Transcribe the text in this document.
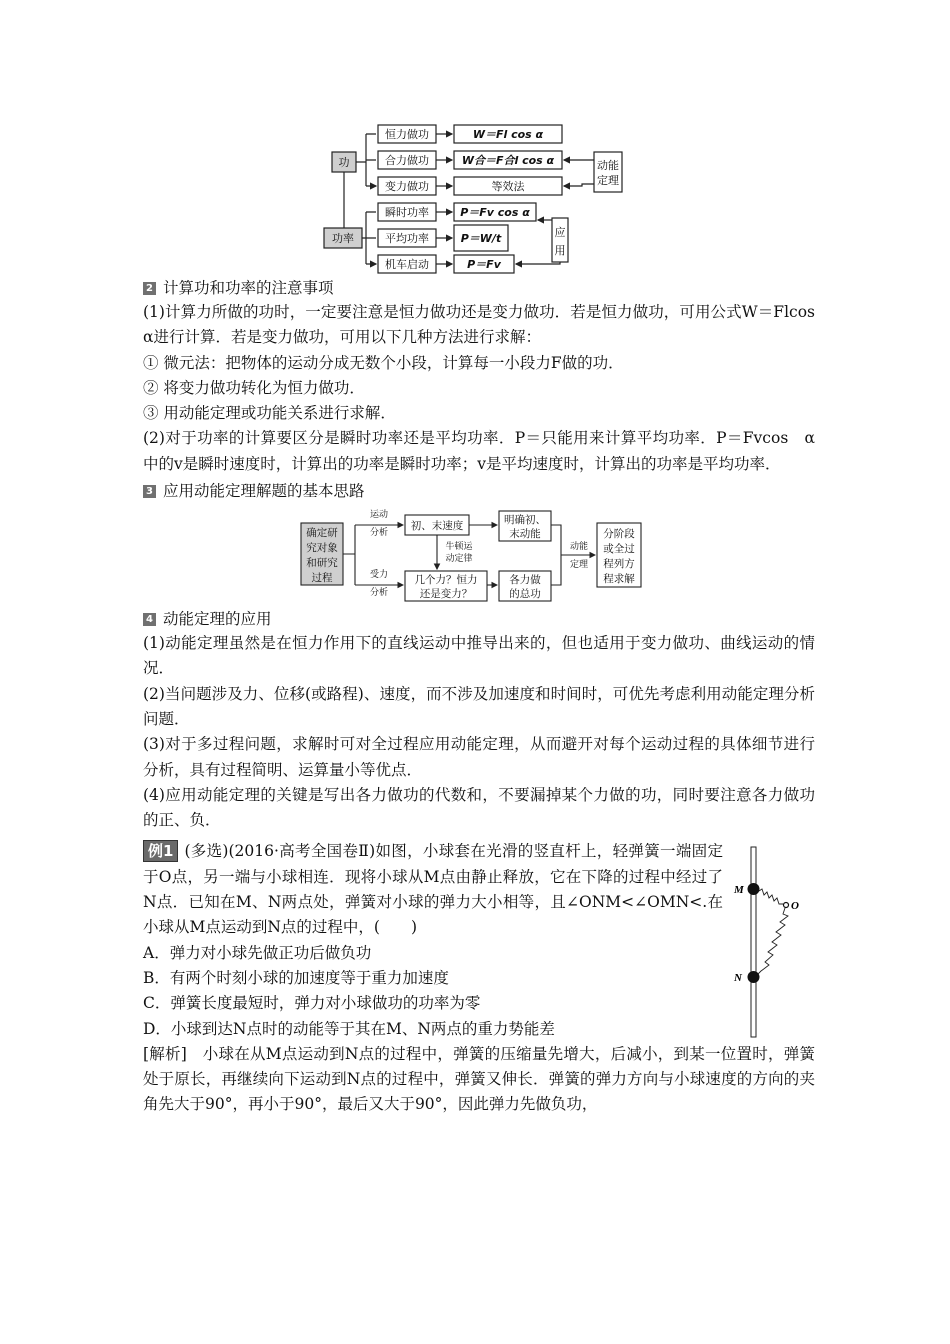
功
功率
恒力做功
合力做功
变力做功
瞬时功率
平均功率
机车启动
W＝Fl cos α
W合＝F合l cos α
等效法
P＝Fv cos α
P＝W/t
P＝Fv
动能
定理
应
用
2 计算功和功率的注意事项
(1)计算力所做的功时，一定要注意是恒力做功还是变力做功．若是恒力做功，可用公式W＝Flcos　α进行计算．若是变力做功，可用以下几种方法进行求解：
① 微元法：把物体的运动分成无数个小段，计算每一小段力F做的功．
② 将变力做功转化为恒力做功．
③ 用动能定理或功能关系进行求解．
(2)对于功率的计算要区分是瞬时功率还是平均功率．P＝只能用来计算平均功率．P＝Fvcos　α中的v是瞬时速度时，计算出的功率是瞬时功率；v是平均速度时，计算出的功率是平均功率．
3 应用动能定理解题的基本思路
确定研
究对象
和研究
过程
运动
分析
受力
分析
初、末速度	明确初、
末动能
牛顿运
动定律
几个力？恒力
还是变力？
各力做
的总功
动能
定理
分阶段
或全过
程列方
程求解
4 动能定理的应用
(1)动能定理虽然是在恒力作用下的直线运动中推导出来的，但也适用于变力做功、曲线运动的情况．
(2)当问题涉及力、位移(或路程)、速度，而不涉及加速度和时间时，可优先考虑利用动能定理分析问题．
(3)对于多过程问题，求解时可对全过程应用动能定理，从而避开对每个运动过程的具体细节进行分析，具有过程简明、运算量小等优点．
(4)应用动能定理的关键是写出各力做功的代数和，不要漏掉某个力做的功，同时要注意各力做功的正、负．
例1 (多选)(2016·高考全国卷Ⅱ)如图，小球套在光滑的竖直杆上，轻弹簧一端固定于O点，另一端与小球相连．现将小球从M点由静止释放，它在下降的过程中经过了N点．已知在M、N两点处，弹簧对小球的弹力大小相等，且∠ONM<∠OMN<.在小球从M点运动到N点的过程中，(　　)
A．弹力对小球先做正功后做负功
B．有两个时刻小球的加速度等于重力加速度
C．弹簧长度最短时，弹力对小球做功的功率为零
D．小球到达N点时的动能等于其在M、N两点的重力势能差
M
N
O
[解析]　小球在从M点运动到N点的过程中，弹簧的压缩量先增大，后减小，到某一位置时，弹簧处于原长，再继续向下运动到N点的过程中，弹簧又伸长．弹簧的弹力方向与小球速度的方向的夹角先大于90°，再小于90°，最后又大于90°，因此弹力先做负功，
